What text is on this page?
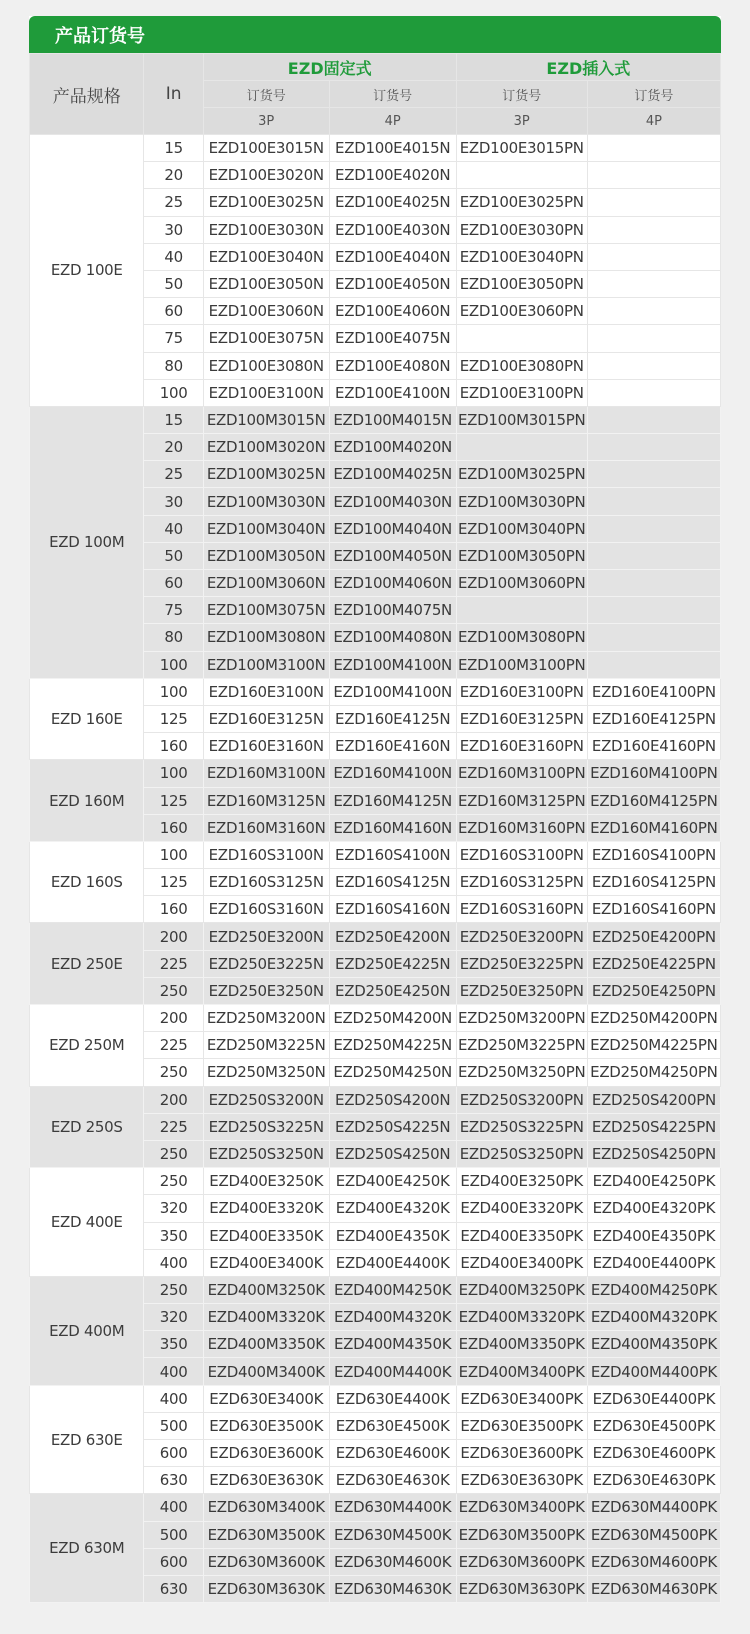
产品订货号
产品规格	In	EZD固定式		EZD插入式	
		订货号	订货号	订货号	订货号
		3P	4P	3P	4P
EZD 100E	15	EZD100E3015N	EZD100E4015N	EZD100E3015PN	
	20	EZD100E3020N	EZD100E4020N		
	25	EZD100E3025N	EZD100E4025N	EZD100E3025PN	
	30	EZD100E3030N	EZD100E4030N	EZD100E3030PN	
	40	EZD100E3040N	EZD100E4040N	EZD100E3040PN	
	50	EZD100E3050N	EZD100E4050N	EZD100E3050PN	
	60	EZD100E3060N	EZD100E4060N	EZD100E3060PN	
	75	EZD100E3075N	EZD100E4075N		
	80	EZD100E3080N	EZD100E4080N	EZD100E3080PN	
	100	EZD100E3100N	EZD100E4100N	EZD100E3100PN	
EZD 100M	15	EZD100M3015N	EZD100M4015N	EZD100M3015PN	
	20	EZD100M3020N	EZD100M4020N		
	25	EZD100M3025N	EZD100M4025N	EZD100M3025PN	
	30	EZD100M3030N	EZD100M4030N	EZD100M3030PN	
	40	EZD100M3040N	EZD100M4040N	EZD100M3040PN	
	50	EZD100M3050N	EZD100M4050N	EZD100M3050PN	
	60	EZD100M3060N	EZD100M4060N	EZD100M3060PN	
	75	EZD100M3075N	EZD100M4075N		
	80	EZD100M3080N	EZD100M4080N	EZD100M3080PN	
	100	EZD100M3100N	EZD100M4100N	EZD100M3100PN	
EZD 160E	100	EZD160E3100N	EZD100M4100N	EZD160E3100PN	EZD160E4100PN
	125	EZD160E3125N	EZD160E4125N	EZD160E3125PN	EZD160E4125PN
	160	EZD160E3160N	EZD160E4160N	EZD160E3160PN	EZD160E4160PN
EZD 160M	100	EZD160M3100N	EZD160M4100N	EZD160M3100PN	EZD160M4100PN
	125	EZD160M3125N	EZD160M4125N	EZD160M3125PN	EZD160M4125PN
	160	EZD160M3160N	EZD160M4160N	EZD160M3160PN	EZD160M4160PN
EZD 160S	100	EZD160S3100N	EZD160S4100N	EZD160S3100PN	EZD160S4100PN
	125	EZD160S3125N	EZD160S4125N	EZD160S3125PN	EZD160S4125PN
	160	EZD160S3160N	EZD160S4160N	EZD160S3160PN	EZD160S4160PN
EZD 250E	200	EZD250E3200N	EZD250E4200N	EZD250E3200PN	EZD250E4200PN
	225	EZD250E3225N	EZD250E4225N	EZD250E3225PN	EZD250E4225PN
	250	EZD250E3250N	EZD250E4250N	EZD250E3250PN	EZD250E4250PN
EZD 250M	200	EZD250M3200N	EZD250M4200N	EZD250M3200PN	EZD250M4200PN
	225	EZD250M3225N	EZD250M4225N	EZD250M3225PN	EZD250M4225PN
	250	EZD250M3250N	EZD250M4250N	EZD250M3250PN	EZD250M4250PN
EZD 250S	200	EZD250S3200N	EZD250S4200N	EZD250S3200PN	EZD250S4200PN
	225	EZD250S3225N	EZD250S4225N	EZD250S3225PN	EZD250S4225PN
	250	EZD250S3250N	EZD250S4250N	EZD250S3250PN	EZD250S4250PN
EZD 400E	250	EZD400E3250K	EZD400E4250K	EZD400E3250PK	EZD400E4250PK
	320	EZD400E3320K	EZD400E4320K	EZD400E3320PK	EZD400E4320PK
	350	EZD400E3350K	EZD400E4350K	EZD400E3350PK	EZD400E4350PK
	400	EZD400E3400K	EZD400E4400K	EZD400E3400PK	EZD400E4400PK
EZD 400M	250	EZD400M3250K	EZD400M4250K	EZD400M3250PK	EZD400M4250PK
	320	EZD400M3320K	EZD400M4320K	EZD400M3320PK	EZD400M4320PK
	350	EZD400M3350K	EZD400M4350K	EZD400M3350PK	EZD400M4350PK
	400	EZD400M3400K	EZD400M4400K	EZD400M3400PK	EZD400M4400PK
EZD 630E	400	EZD630E3400K	EZD630E4400K	EZD630E3400PK	EZD630E4400PK
	500	EZD630E3500K	EZD630E4500K	EZD630E3500PK	EZD630E4500PK
	600	EZD630E3600K	EZD630E4600K	EZD630E3600PK	EZD630E4600PK
	630	EZD630E3630K	EZD630E4630K	EZD630E3630PK	EZD630E4630PK
EZD 630M	400	EZD630M3400K	EZD630M4400K	EZD630M3400PK	EZD630M4400PK
	500	EZD630M3500K	EZD630M4500K	EZD630M3500PK	EZD630M4500PK
	600	EZD630M3600K	EZD630M4600K	EZD630M3600PK	EZD630M4600PK
	630	EZD630M3630K	EZD630M4630K	EZD630M3630PK	EZD630M4630PK
